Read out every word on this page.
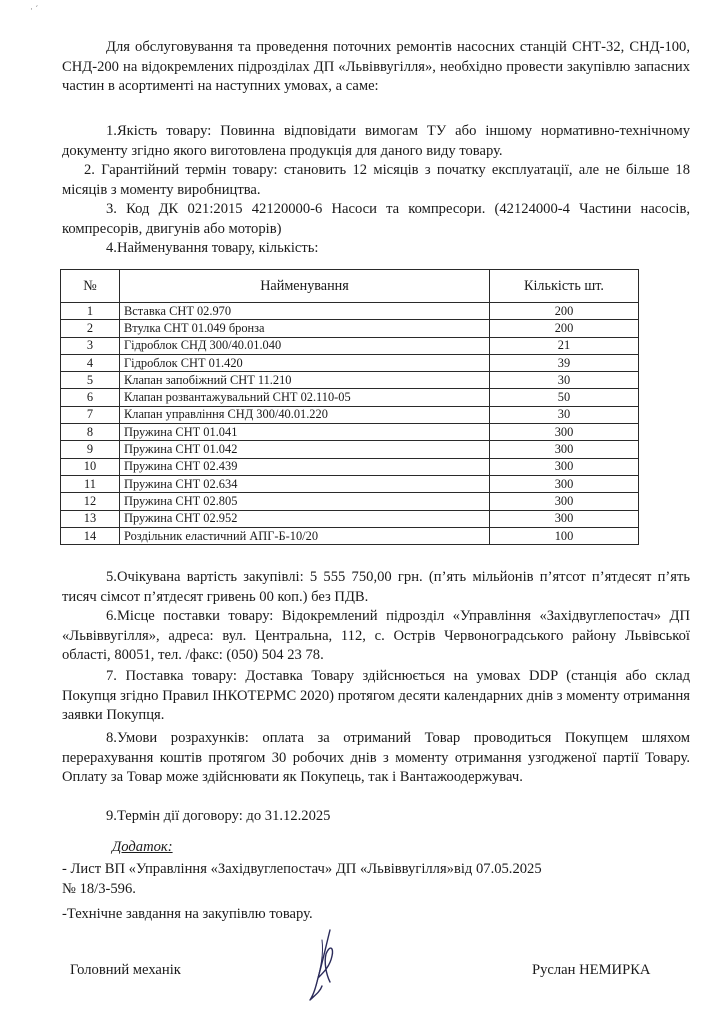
· ´

Для обслуговування та проведення поточних ремонтів насосних станцій СНТ-32, СНД-100, СНД-200 на відокремлених підрозділах ДП «Львіввугілля», необхідно провести закупівлю запасних частин в асортименті на наступних умовах, а саме:

1.Якість товару: Повинна відповідати вимогам ТУ або іншому нормативно-технічному документу згідно якого виготовлена продукція для даного виду товару.

2. Гарантійний термін товару: становить 12 місяців з початку експлуатації, але не більше 18 місяців з моменту виробництва.

3. Код ДК 021:2015 42120000-6 Насоси та компресори. (42124000-4 Частини насосів, компресорів, двигунів або моторів)

4.Найменування товару, кількість:

№	Найменування	Кількість шт.
1	Вставка СНТ 02.970	200
2	Втулка СНТ 01.049 бронза	200
3	Гідроблок СНД 300/40.01.040	21
4	Гідроблок СНТ 01.420	39
5	Клапан запобіжний СНТ 11.210	30
6	Клапан розвантажувальний СНТ 02.110-05	50
7	Клапан управління СНД 300/40.01.220	30
8	Пружина СНТ 01.041	300
9	Пружина СНТ 01.042	300
10	Пружина СНТ 02.439	300
11	Пружина СНТ 02.634	300
12	Пружина СНТ 02.805	300
13	Пружина СНТ 02.952	300
14	Роздільник еластичний АПГ-Б-10/20	100

5.Очікувана вартість закупівлі: 5 555 750,00 грн. (п’ять мільйонів п’ятсот п’ятдесят п’ять тисяч сімсот п’ятдесят гривень 00 коп.) без ПДВ.

6.Місце поставки товару: Відокремлений підрозділ «Управління «Західвуглепостач» ДП «Львіввугілля», адреса: вул. Центральна, 112, с. Острів Червоноградського району Львівської області, 80051, тел. /факс: (050) 504 23 78.

7. Поставка товару: Доставка Товару здійснюється на умовах DDP (станція або склад Покупця згідно Правил ІНКОТЕРМС 2020) протягом десяти календарних днів з моменту отримання заявки Покупця.

8.Умови розрахунків: оплата за отриманий Товар проводиться Покупцем шляхом перерахування коштів протягом 30 робочих днів з моменту отримання узгодженої партії Товару. Оплату за Товар може здійснювати як Покупець, так і Вантажоодержувач.

9.Термін дії договору: до 31.12.2025

Додаток:
- Лист ВП «Управління «Західвуглепостач» ДП «Львіввугілля»від 07.05.2025
№ 18/3-596.
-Технічне завдання на закупівлю товару.
Головний механік	Руслан НЕМИРКА
